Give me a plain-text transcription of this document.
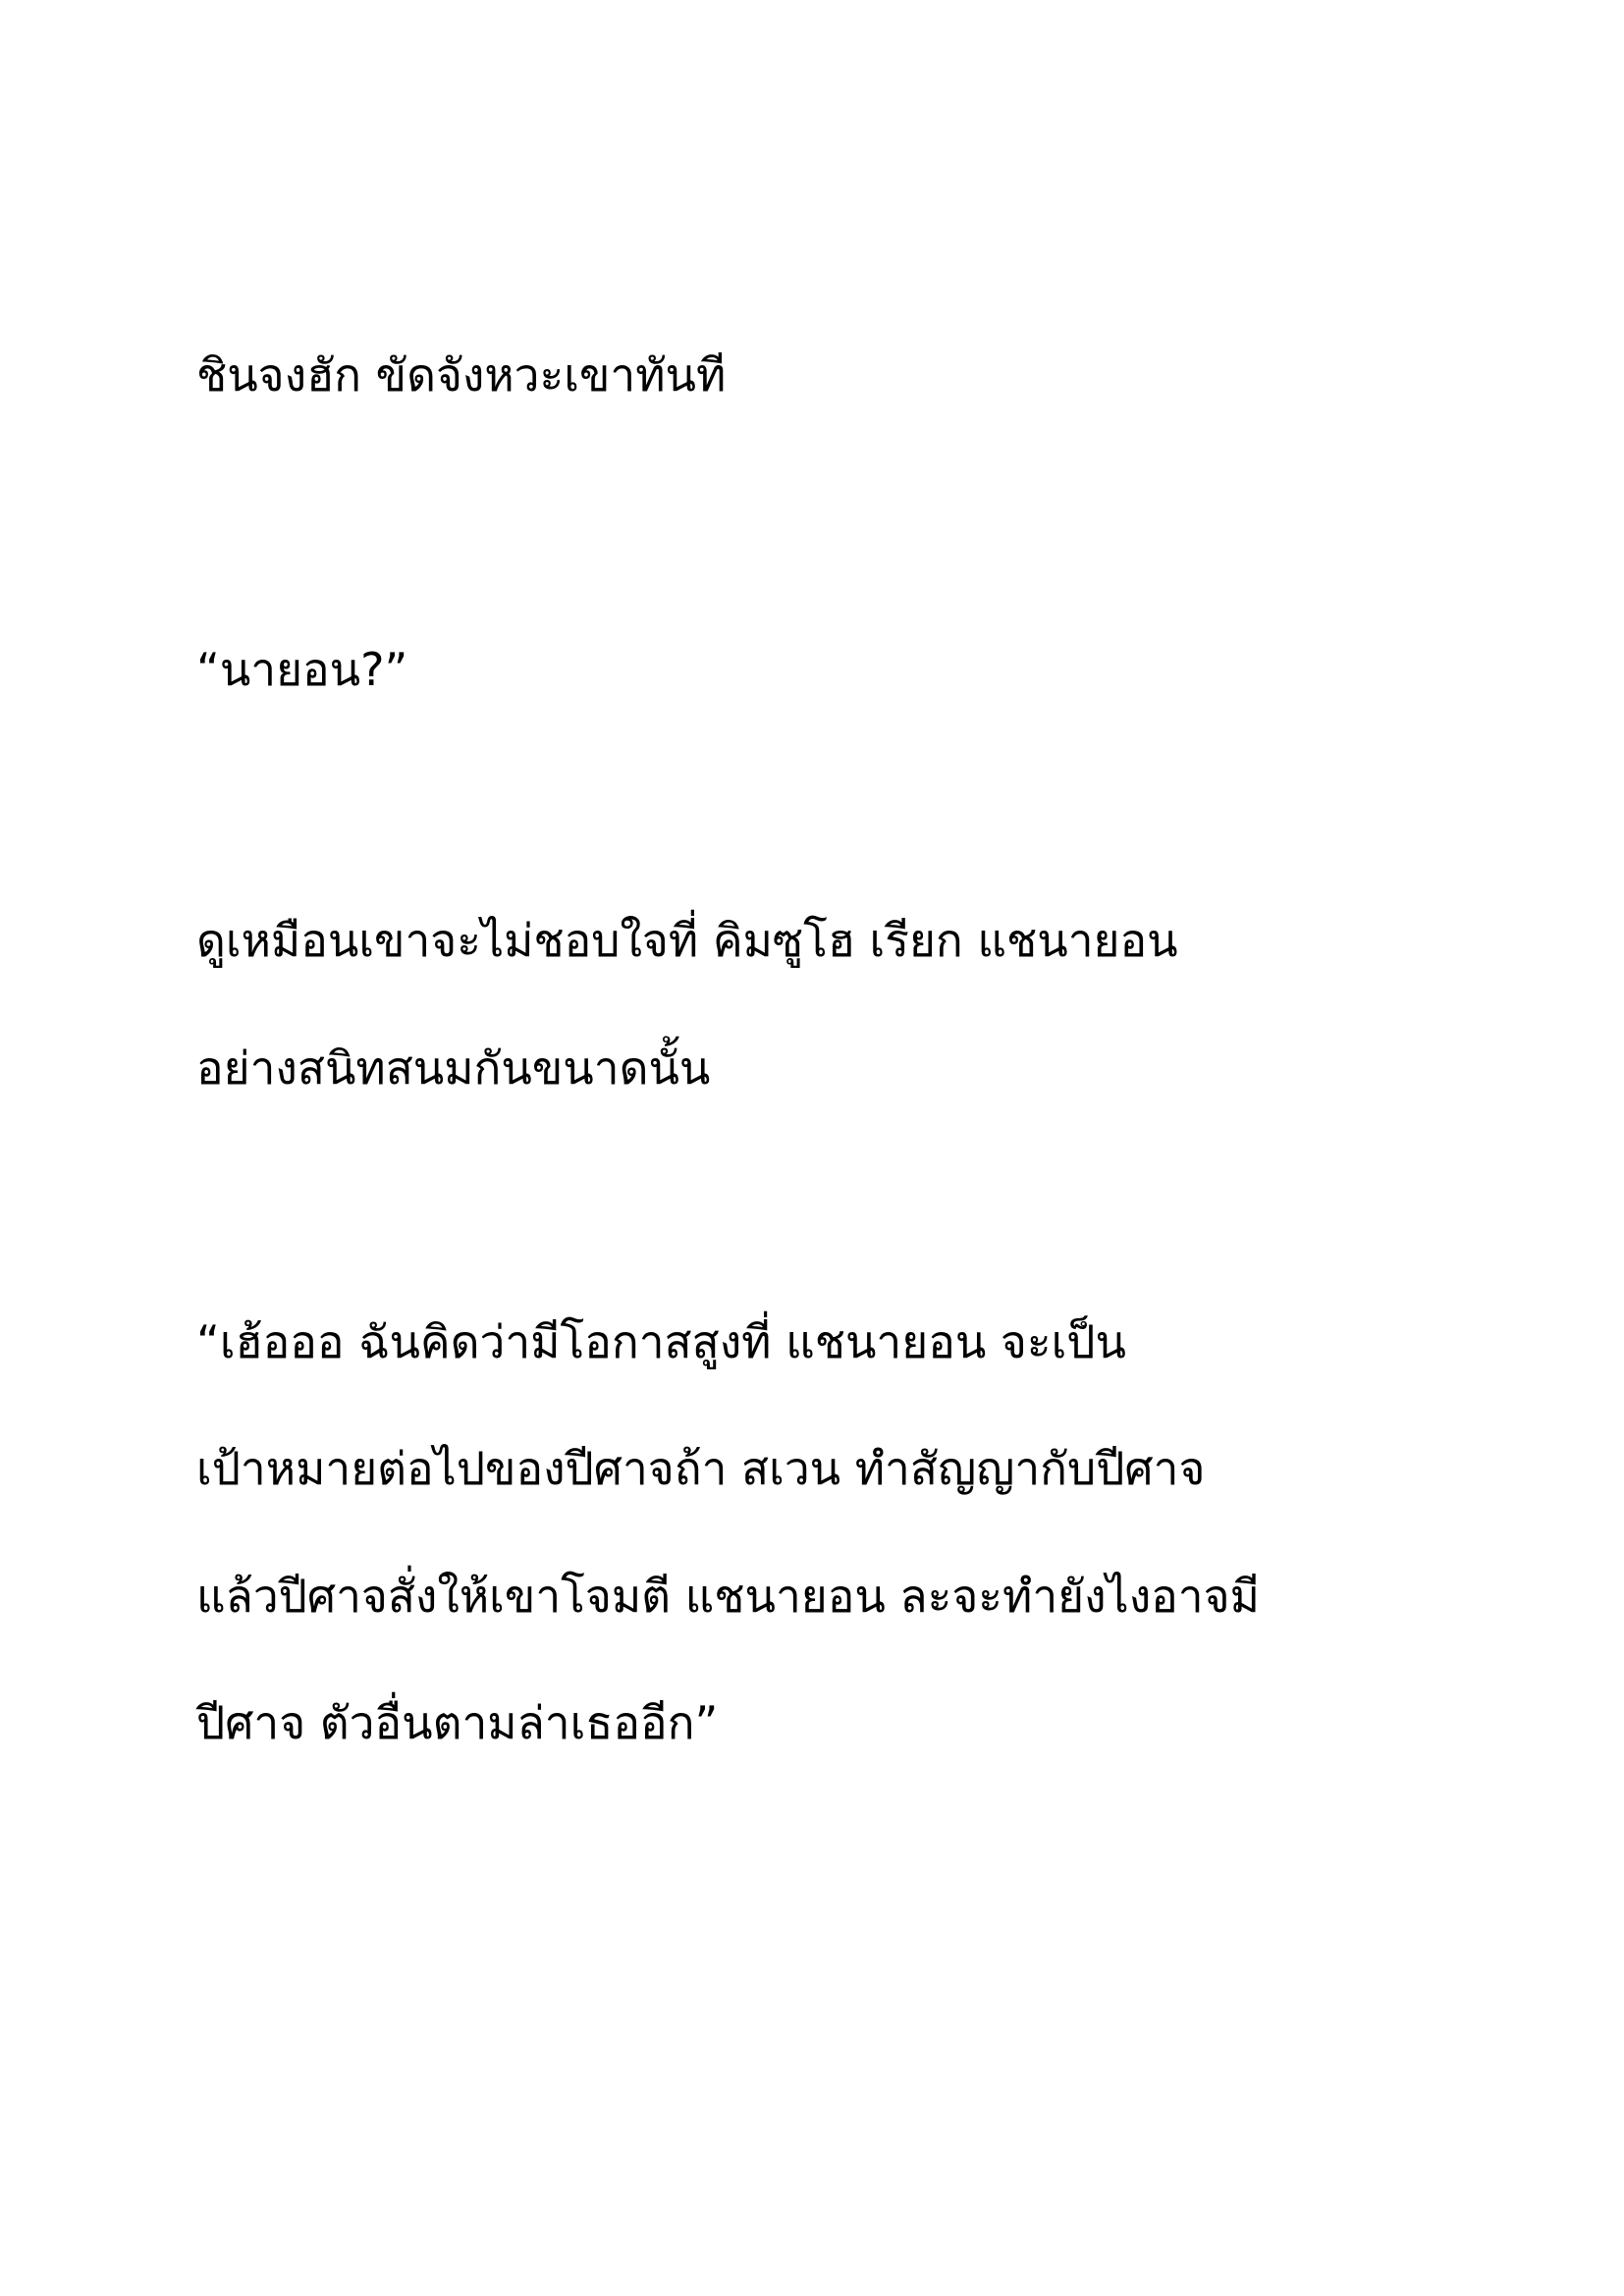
ชินจงฮัก ขัดจังหวะเขาทันที

“นายอน?”

ดูเหมือนเขาจะไม่ชอบใจที่ คิมซูโฮ เรียก แชนายอน

อย่างสนิทสนมกันขนาดนั้น

“เฮ้อออ ฉันคิดว่ามีโอกาสสูงที่ แชนายอน จะเป็น

เป้าหมายต่อไปของปีศาจถ้า สเวน ทำสัญญากับปีศาจ

แล้วปีศาจสั่งให้เขาโจมตี แชนายอน ละจะทำยังไงอาจมี

ปีศาจ ตัวอื่นตามล่าเธออีก”
